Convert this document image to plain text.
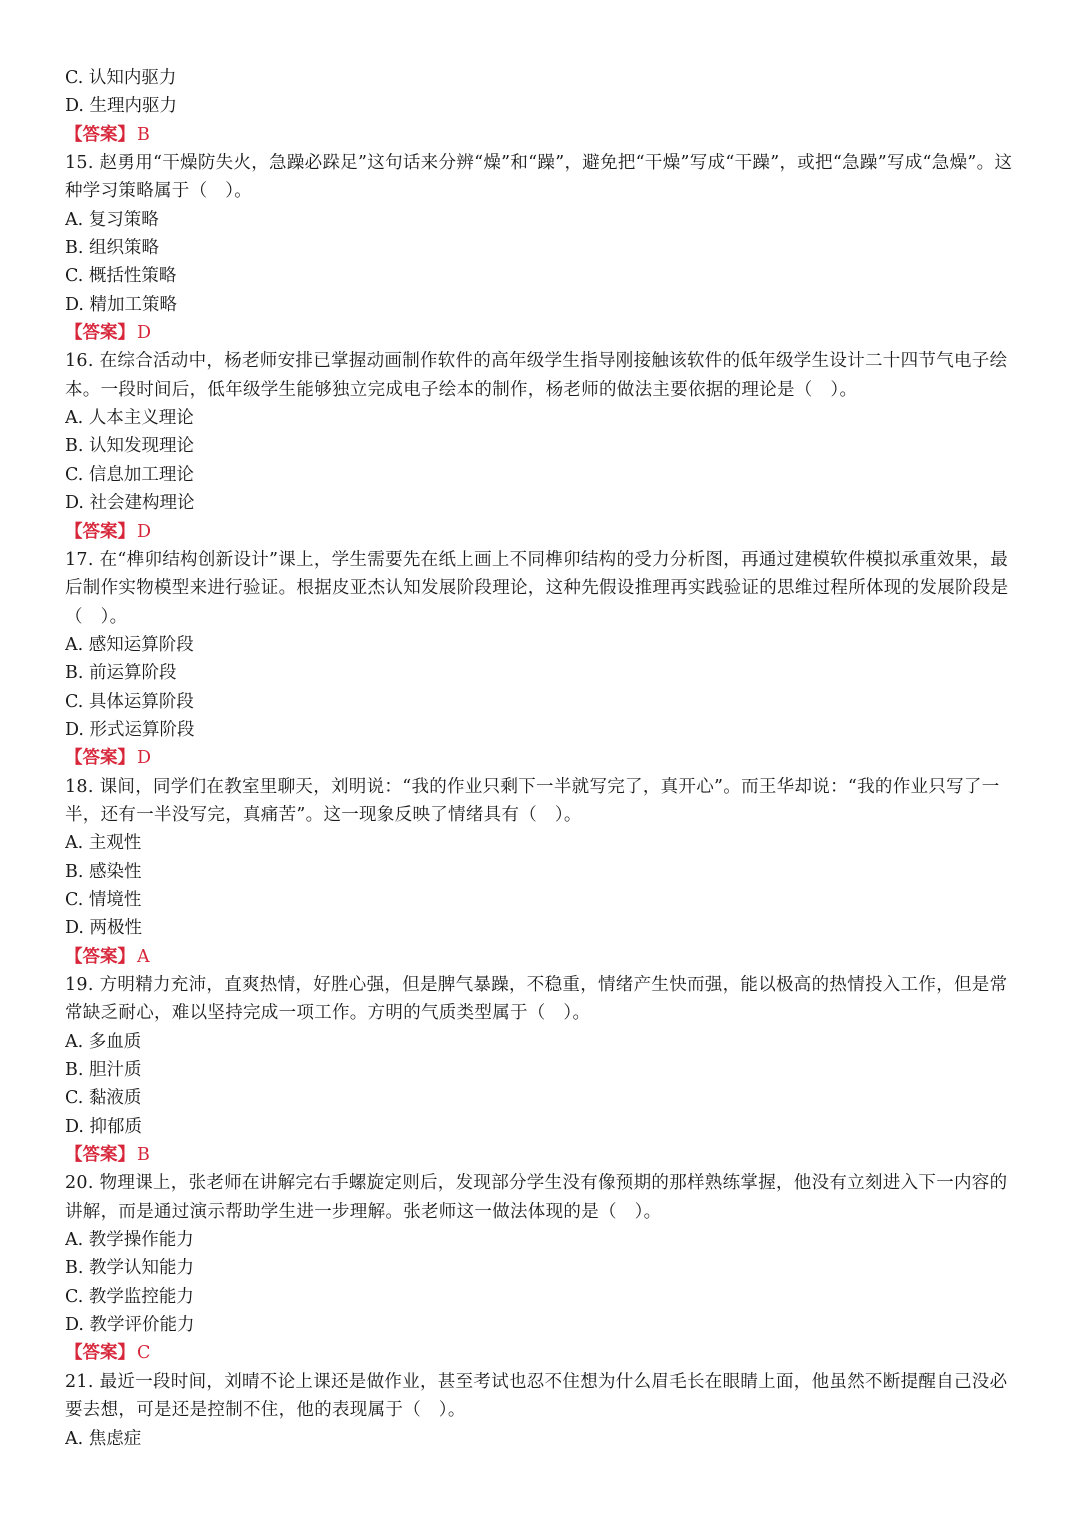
C. 认知内驱力
D. 生理内驱力
【答案】 B
15. 赵勇用“干燥防失火，急躁必跺足”这句话来分辨“燥”和“躁”，避免把“干燥”写成“干躁”，或把“急躁”写成“急燥”。这种学习策略属于（　）。
A. 复习策略
B. 组织策略
C. 概括性策略
D. 精加工策略
【答案】 D
16. 在综合活动中，杨老师安排已掌握动画制作软件的高年级学生指导刚接触该软件的低年级学生设计二十四节气电子绘本。一段时间后，低年级学生能够独立完成电子绘本的制作，杨老师的做法主要依据的理论是（　）。
A. 人本主义理论
B. 认知发现理论
C. 信息加工理论
D. 社会建构理论
【答案】 D
17. 在“榫卯结构创新设计”课上，学生需要先在纸上画上不同榫卯结构的受力分析图，再通过建模软件模拟承重效果，最后制作实物模型来进行验证。根据皮亚杰认知发展阶段理论，这种先假设推理再实践验证的思维过程所体现的发展阶段是（　）。
A. 感知运算阶段
B. 前运算阶段
C. 具体运算阶段
D. 形式运算阶段
【答案】 D
18. 课间，同学们在教室里聊天，刘明说：“我的作业只剩下一半就写完了，真开心”。而王华却说：“我的作业只写了一半，还有一半没写完，真痛苦”。这一现象反映了情绪具有（　）。
A. 主观性
B. 感染性
C. 情境性
D. 两极性
【答案】 A
19. 方明精力充沛，直爽热情，好胜心强，但是脾气暴躁，不稳重，情绪产生快而强，能以极高的热情投入工作，但是常常缺乏耐心，难以坚持完成一项工作。方明的气质类型属于（　）。
A. 多血质
B. 胆汁质
C. 黏液质
D. 抑郁质
【答案】 B
20. 物理课上，张老师在讲解完右手螺旋定则后，发现部分学生没有像预期的那样熟练掌握，他没有立刻进入下一内容的讲解，而是通过演示帮助学生进一步理解。张老师这一做法体现的是（　）。
A. 教学操作能力
B. 教学认知能力
C. 教学监控能力
D. 教学评价能力
【答案】 C
21. 最近一段时间，刘晴不论上课还是做作业，甚至考试也忍不住想为什么眉毛长在眼睛上面，他虽然不断提醒自己没必要去想，可是还是控制不住，他的表现属于（　）。
A. 焦虑症
